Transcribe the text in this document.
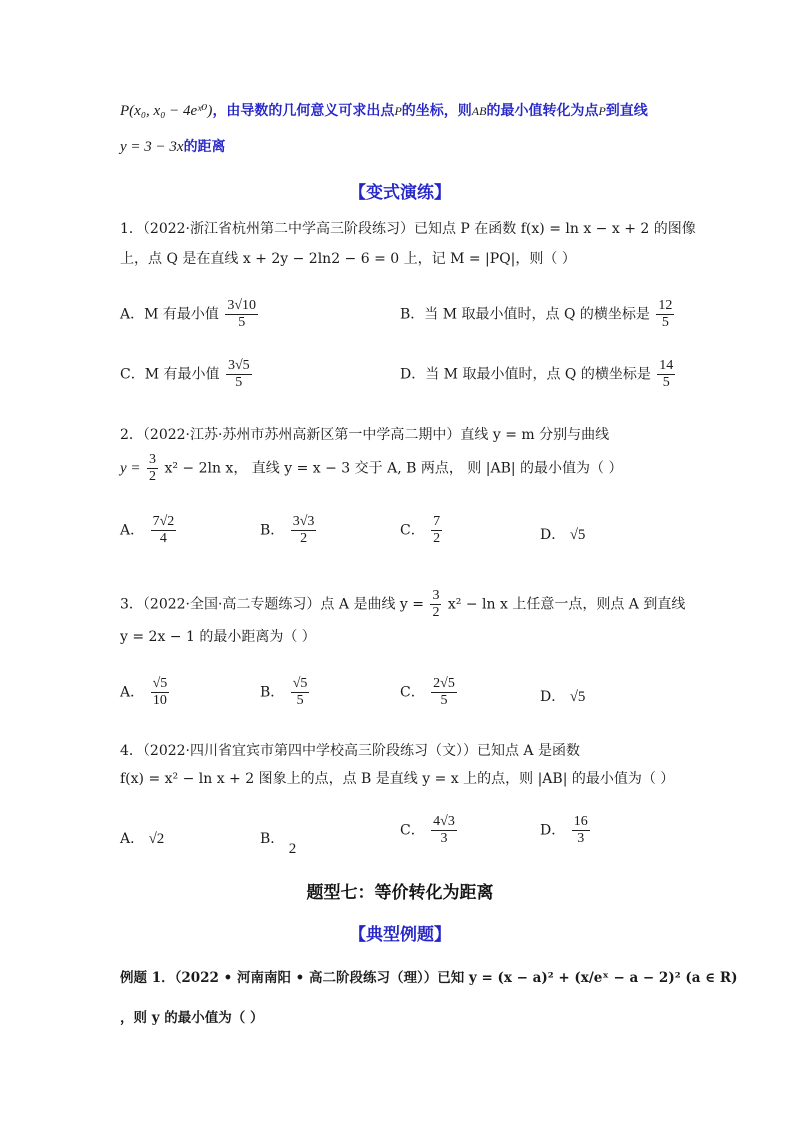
P(x₀, x₀ − 4eˣ⁰)，由导数的几何意义可求出点P的坐标，则AB的最小值转化为点P到直线
y = 3 − 3x的距离
【变式演练】
1．（2022·浙江省杭州第二中学高三阶段练习）已知点 P 在函数 f(x) = ln x − x + 2 的图像
上，点 Q 是在直线 x + 2y − 2ln2 − 6 = 0 上，记 M = |PQ|，则（ ）
A．M 有最小值 $\frac{3√10}{5}$	B．当 M 取最小值时，点 Q 的横坐标是 $\frac{12}{5}$
C．M 有最小值 $\frac{3√5}{5}$	D．当 M 取最小值时，点 Q 的横坐标是 $\frac{14}{5}$
2．（2022·江苏·苏州市苏州高新区第一中学高二期中）直线 y = m 分别与曲线
$y = \frac{3}{2} x^2 - 2\ln$ x， 直线 y = x − 3 交于 A, B 两点， 则 |AB| 的最小值为（ ）
A． $\frac{7√2}{4}$	B． $\frac{3√3}{2}$	C． $\frac{7}{2}$	D． √5
3．（2022·全国·高二专题练习）点 A 是曲线 $y = \frac{3}{2} x^2 - \ln x$ 上任意一点，则点 A 到直线
y = 2x − 1 的最小距离为（ ）
A． $\frac{√5}{10}$	B． $\frac{√5}{5}$	C． $\frac{2√5}{5}$	D． √5
4．（2022·四川省宜宾市第四中学校高三阶段练习（文））已知点 A 是函数
f(x) = x² − ln x + 2 图象上的点，点 B 是直线 y = x 上的点，则 |AB| 的最小值为（ ）
A． √2	B． 2
C． $\frac{4√3}{3}$	D． $\frac{16}{3}$
题型七：等价转化为距离
【典型例题】
例题 1．（2022 • 河南南阳 • 高二阶段练习（理））已知 y = (x − a)² + (x/eˣ − a − 2)² (a ∈ R)
，则 y 的最小值为（ ）
